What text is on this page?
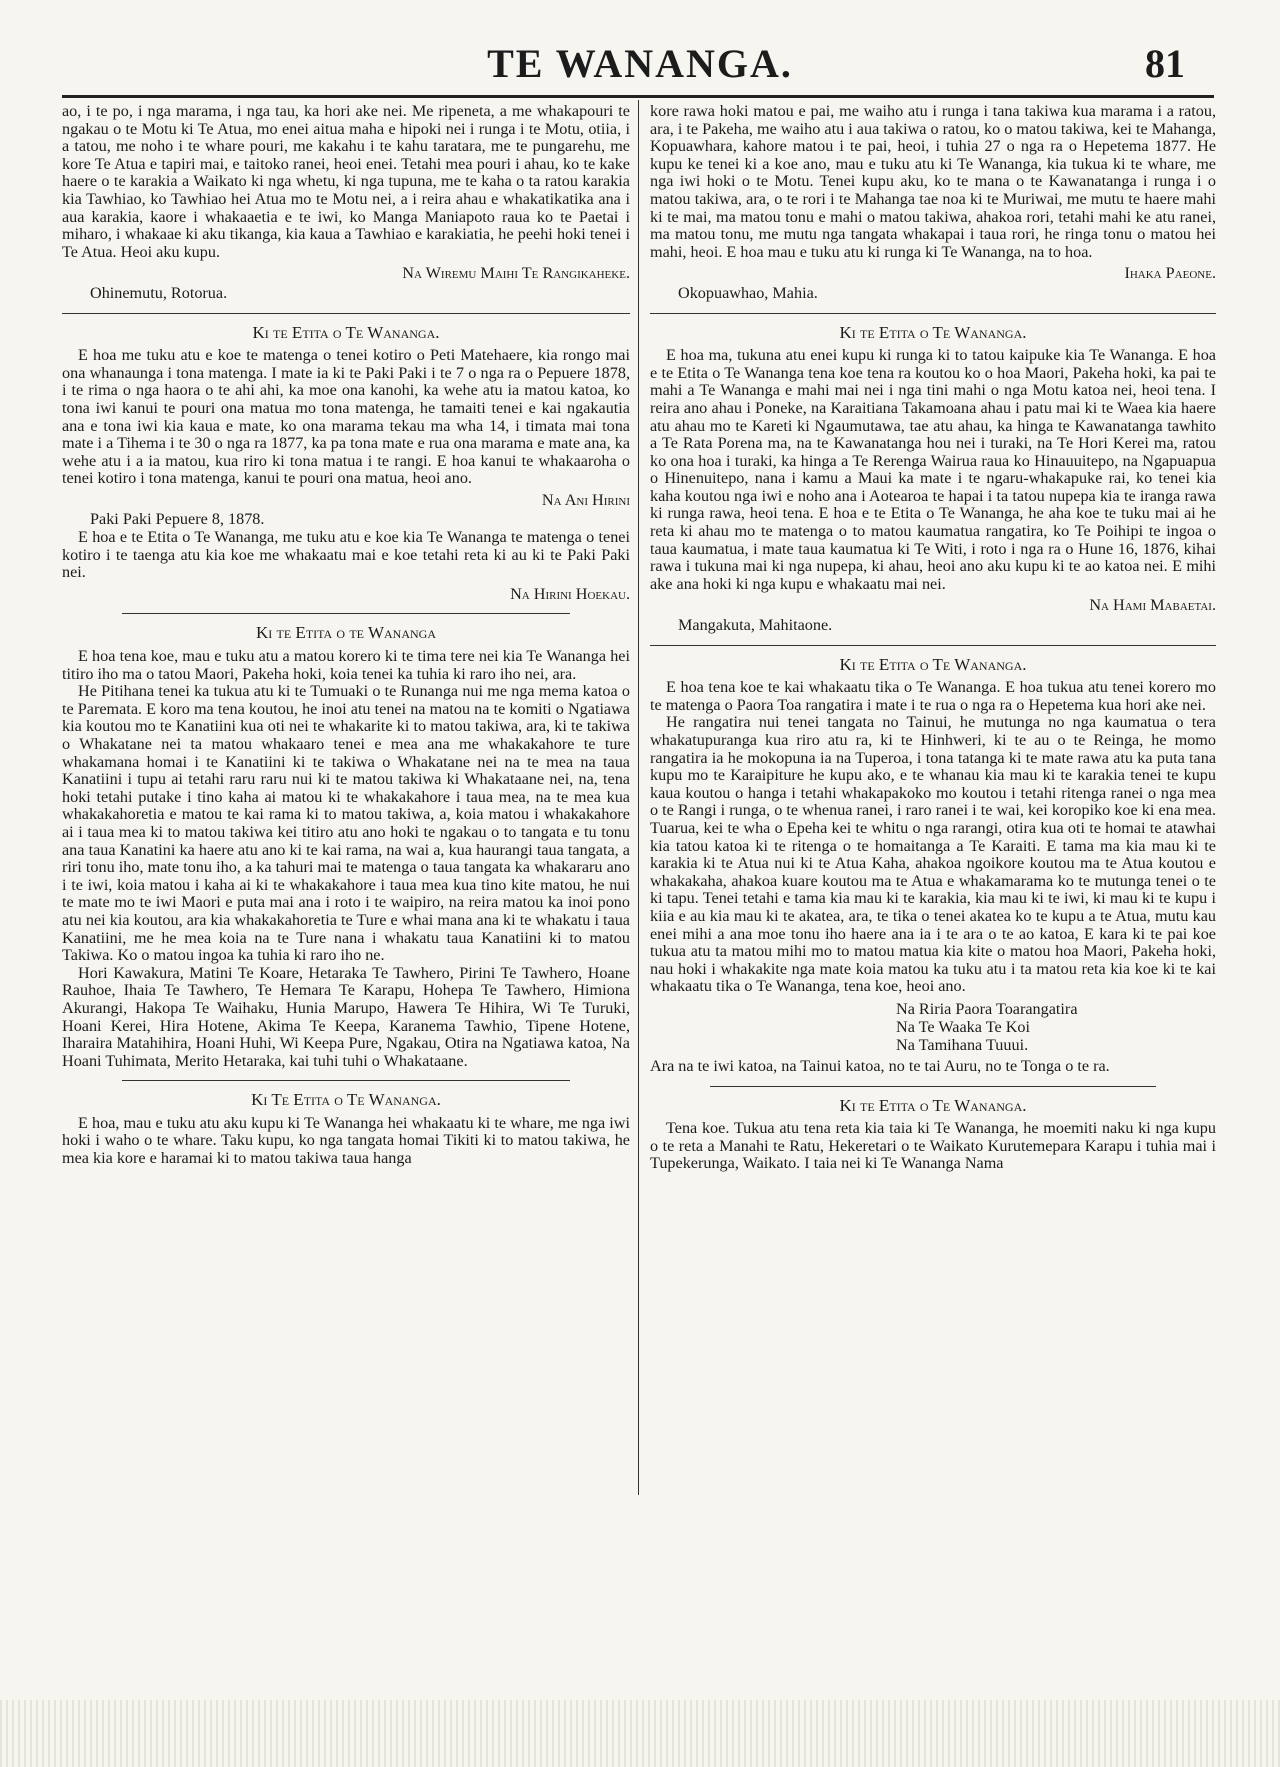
TE WANANGA.	81

ao, i te po, i nga marama, i nga tau, ka hori ake nei. Me ripeneta, a me whakapouri te ngakau o te Motu ki Te Atua, mo enei aitua maha e hipoki nei i runga i te Motu, otiia, i a tatou, me noho i te whare pouri, me kakahu i te kahu taratara, me te pungarehu, me kore Te Atua e tapiri mai, e taitoko ranei, heoi enei. Tetahi mea pouri i ahau, ko te kake haere o te karakia a Waikato ki nga whetu, ki nga tupuna, me te kaha o ta ratou karakia kia Tawhiao, ko Tawhiao hei Atua mo te Motu nei, a i reira ahau e whakatikatika ana i aua karakia, kaore i whakaaetia e te iwi, ko Manga Maniapoto raua ko te Paetai i miharo, i whakaae ki aku tikanga, kia kaua a Tawhiao e karakiatia, he peehi hoki tenei i Te Atua. Heoi aku kupu.

Na Wiremu Maihi Te Rangikaheke.

Ohinemutu, Rotorua.

Ki te Etita o Te Wananga.

E hoa me tuku atu e koe te matenga o tenei kotiro o Peti Matehaere, kia rongo mai ona whanaunga i tona matenga. I mate ia ki te Paki Paki i te 7 o nga ra o Pepuere 1878, i te rima o nga haora o te ahi ahi, ka moe ona kanohi, ka wehe atu ia matou katoa, ko tona iwi kanui te pouri ona matua mo tona matenga, he tamaiti tenei e kai ngakautia ana e tona iwi kia kaua e mate, ko ona marama tekau ma wha 14, i timata mai tona mate i a Tihema i te 30 o nga ra 1877, ka pa tona mate e rua ona marama e mate ana, ka wehe atu i a ia matou, kua riro ki tona matua i te rangi. E hoa kanui te whakaaroha o tenei kotiro i tona matenga, kanui te pouri ona matua, heoi ano.

Na Ani Hirini

Paki Paki Pepuere 8, 1878.

E hoa e te Etita o Te Wananga, me tuku atu e koe kia Te Wananga te matenga o tenei kotiro i te taenga atu kia koe me whakaatu mai e koe tetahi reta ki au ki te Paki Paki nei.

Na Hirini Hoekau.

Ki te Etita o te Wananga

E hoa tena koe, mau e tuku atu a matou korero ki te tima tere nei kia Te Wananga hei titiro iho ma o tatou Maori, Pakeha hoki, koia tenei ka tuhia ki raro iho nei, ara.

He Pitihana tenei ka tukua atu ki te Tumuaki o te Runanga nui me nga mema katoa o te Paremata. E koro ma tena koutou, he inoi atu tenei na matou na te komiti o Ngatiawa kia koutou mo te Kanatiini kua oti nei te whakarite ki to matou takiwa, ara, ki te takiwa o Whakatane nei ta matou whakaaro tenei e mea ana me whakakahore te ture whakamana homai i te Kanatiini ki te takiwa o Whakatane nei na te mea na taua Kanatiini i tupu ai tetahi raru raru nui ki te matou takiwa ki Whakataane nei, na, tena hoki tetahi putake i tino kaha ai matou ki te whakakahore i taua mea, na te mea kua whakakahoretia e matou te kai rama ki to matou takiwa, a, koia matou i whakakahore ai i taua mea ki to matou takiwa kei titiro atu ano hoki te ngakau o to tangata e tu tonu ana taua Kanatini ka haere atu ano ki te kai rama, na wai a, kua haurangi taua tangata, a riri tonu iho, mate tonu iho, a ka tahuri mai te matenga o taua tangata ka whakararu ano i te iwi, koia matou i kaha ai ki te whakakahore i taua mea kua tino kite matou, he nui te mate mo te iwi Maori e puta mai ana i roto i te waipiro, na reira matou ka inoi pono atu nei kia koutou, ara kia whakakahoretia te Ture e whai mana ana ki te whakatu i taua Kanatiini, me he mea koia na te Ture nana i whakatu taua Kanatiini ki to matou Takiwa. Ko o matou ingoa ka tuhia ki raro iho ne.

Hori Kawakura, Matini Te Koare, Hetaraka Te Tawhero, Pirini Te Tawhero, Hoane Rauhoe, Ihaia Te Tawhero, Te Hemara Te Karapu, Hohepa Te Tawhero, Himiona Akurangi, Hakopa Te Waihaku, Hunia Marupo, Hawera Te Hihira, Wi Te Turuki, Hoani Kerei, Hira Hotene, Akima Te Keepa, Karanema Tawhio, Tipene Hotene, Iharaira Matahihira, Hoani Huhi, Wi Keepa Pure, Ngakau, Otira na Ngatiawa katoa, Na Hoani Tuhimata, Merito Hetaraka, kai tuhi tuhi o Whakataane.

Ki Te Etita o Te Wananga.

E hoa, mau e tuku atu aku kupu ki Te Wananga hei whakaatu ki te whare, me nga iwi hoki i waho o te whare. Taku kupu, ko nga tangata homai Tikiti ki to matou takiwa, he mea kia kore e haramai ki to matou takiwa taua hanga

kore rawa hoki matou e pai, me waiho atu i runga i tana takiwa kua marama i a ratou, ara, i te Pakeha, me waiho atu i aua takiwa o ratou, ko o matou takiwa, kei te Mahanga, Kopuawhara, kahore matou i te pai, heoi, i tuhia 27 o nga ra o Hepetema 1877. He kupu ke tenei ki a koe ano, mau e tuku atu ki Te Wananga, kia tukua ki te whare, me nga iwi hoki o te Motu. Tenei kupu aku, ko te mana o te Kawanatanga i runga i o matou takiwa, ara, o te rori i te Mahanga tae noa ki te Muriwai, me mutu te haere mahi ki te mai, ma matou tonu e mahi o matou takiwa, ahakoa rori, tetahi mahi ke atu ranei, ma matou tonu, me mutu nga tangata whakapai i taua rori, he ringa tonu o matou hei mahi, heoi. E hoa mau e tuku atu ki runga ki Te Wananga, na to hoa.

Ihaka Paeone.

Okopuawhao, Mahia.

Ki te Etita o Te Wananga.

E hoa ma, tukuna atu enei kupu ki runga ki to tatou kaipuke kia Te Wananga. E hoa e te Etita o Te Wananga tena koe tena ra koutou ko o hoa Maori, Pakeha hoki, ka pai te mahi a Te Wananga e mahi mai nei i nga tini mahi o nga Motu katoa nei, heoi tena. I reira ano ahau i Poneke, na Karaitiana Takamoana ahau i patu mai ki te Waea kia haere atu ahau mo te Kareti ki Ngaumutawa, tae atu ahau, ka hinga te Kawanatanga tawhito a Te Rata Porena ma, na te Kawanatanga hou nei i turaki, na Te Hori Kerei ma, ratou ko ona hoa i turaki, ka hinga a Te Rerenga Wairua raua ko Hinauuitepo, na Ngapuapua o Hinenuitepo, nana i kamu a Maui ka mate i te ngaru-whakapuke rai, ko tenei kia kaha koutou nga iwi e noho ana i Aotearoa te hapai i ta tatou nupepa kia te iranga rawa ki runga rawa, heoi tena. E hoa e te Etita o Te Wananga, he aha koe te tuku mai ai he reta ki ahau mo te matenga o to matou kaumatua rangatira, ko Te Poihipi te ingoa o taua kaumatua, i mate taua kaumatua ki Te Witi, i roto i nga ra o Hune 16, 1876, kihai rawa i tukuna mai ki nga nupepa, ki ahau, heoi ano aku kupu ki te ao katoa nei. E mihi ake ana hoki ki nga kupu e whakaatu mai nei.

Na Hami Mabaetai.

Mangakuta, Mahitaone.

Ki te Etita o Te Wananga.

E hoa tena koe te kai whakaatu tika o Te Wananga. E hoa tukua atu tenei korero mo te matenga o Paora Toa rangatira i mate i te rua o nga ra o Hepetema kua hori ake nei.

He rangatira nui tenei tangata no Tainui, he mutunga no nga kaumatua o tera whakatupuranga kua riro atu ra, ki te Hinhweri, ki te au o te Reinga, he momo rangatira ia he mokopuna ia na Tuperoa, i tona tatanga ki te mate rawa atu ka puta tana kupu mo te Karaipiture he kupu ako, e te whanau kia mau ki te karakia tenei te kupu kaua koutou o hanga i tetahi whakapakoko mo koutou i tetahi ritenga ranei o nga mea o te Rangi i runga, o te whenua ranei, i raro ranei i te wai, kei koropiko koe ki ena mea. Tuarua, kei te wha o Epeha kei te whitu o nga rarangi, otira kua oti te homai te atawhai kia tatou katoa ki te ritenga o te homaitanga a Te Karaiti. E tama ma kia mau ki te karakia ki te Atua nui ki te Atua Kaha, ahakoa ngoikore koutou ma te Atua koutou e whakakaha, ahakoa kuare koutou ma te Atua e whakamarama ko te mutunga tenei o te ki tapu. Tenei tetahi e tama kia mau ki te karakia, kia mau ki te iwi, ki mau ki te kupu i kiia e au kia mau ki te akatea, ara, te tika o tenei akatea ko te kupu a te Atua, mutu kau enei mihi a ana moe tonu iho haere ana ia i te ara o te ao katoa, E kara ki te pai koe tukua atu ta matou mihi mo to matou matua kia kite o matou hoa Maori, Pakeha hoki, nau hoki i whakakite nga mate koia matou ka tuku atu i ta matou reta kia koe ki te kai whakaatu tika o Te Wananga, tena koe, heoi ano.

Na Riria Paora Toarangatira
Na Te Waaka Te Koi
Na Tamihana Tuuui.

Ara na te iwi katoa, na Tainui katoa, no te tai Auru, no te Tonga o te ra.

Ki te Etita o Te Wananga.

Tena koe. Tukua atu tena reta kia taia ki Te Wananga, he moemiti naku ki nga kupu o te reta a Manahi te Ratu, Hekeretari o te Waikato Kurutemepara Karapu i tuhia mai i Tupekerunga, Waikato. I taia nei ki Te Wananga Nama
